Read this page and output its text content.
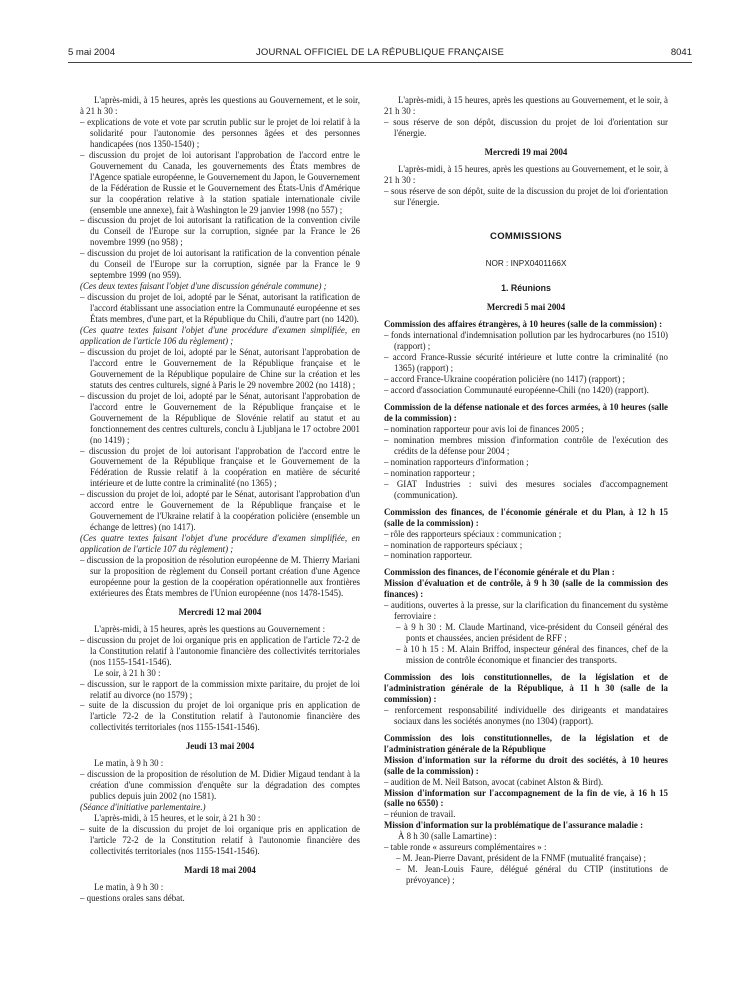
5 mai 2004	JOURNAL OFFICIEL DE LA RÉPUBLIQUE FRANÇAISE	8041
L'après-midi, à 15 heures, après les questions au Gouvernement, et le soir, à 21 h 30 :
– explications de vote et vote par scrutin public sur le projet de loi relatif à la solidarité pour l'autonomie des personnes âgées et des personnes handicapées (nos 1350-1540) ;
– discussion du projet de loi autorisant l'approbation de l'accord entre le Gouvernement du Canada, les gouvernements des États membres de l'Agence spatiale européenne, le Gouvernement du Japon, le Gouvernement de la Fédération de Russie et le Gouvernement des États-Unis d'Amérique sur la coopération relative à la station spatiale internationale civile (ensemble une annexe), fait à Washington le 29 janvier 1998 (no 557) ;
– discussion du projet de loi autorisant la ratification de la convention civile du Conseil de l'Europe sur la corruption, signée par la France le 26 novembre 1999 (no 958) ;
– discussion du projet de loi autorisant la ratification de la convention pénale du Conseil de l'Europe sur la corruption, signée par la France le 9 septembre 1999 (no 959).
(Ces deux textes faisant l'objet d'une discussion générale commune) ;
– discussion du projet de loi, adopté par le Sénat, autorisant la ratification de l'accord établissant une association entre la Communauté européenne et ses États membres, d'une part, et la République du Chili, d'autre part (no 1420).
(Ces quatre textes faisant l'objet d'une procédure d'examen simplifiée, en application de l'article 106 du règlement) ;
– discussion du projet de loi, adopté par le Sénat, autorisant l'approbation de l'accord entre le Gouvernement de la République française et le Gouvernement de la République populaire de Chine sur la création et les statuts des centres culturels, signé à Paris le 29 novembre 2002 (no 1418) ;
– discussion du projet de loi, adopté par le Sénat, autorisant l'approbation de l'accord entre le Gouvernement de la République française et le Gouvernement de la République de Slovénie relatif au statut et au fonctionnement des centres culturels, conclu à Ljubljana le 17 octobre 2001 (no 1419) ;
– discussion du projet de loi autorisant l'approbation de l'accord entre le Gouvernement de la République française et le Gouvernement de la Fédération de Russie relatif à la coopération en matière de sécurité intérieure et de lutte contre la criminalité (no 1365) ;
– discussion du projet de loi, adopté par le Sénat, autorisant l'approbation d'un accord entre le Gouvernement de la République française et le Gouvernement de l'Ukraine relatif à la coopération policière (ensemble un échange de lettres) (no 1417).
(Ces quatre textes faisant l'objet d'une procédure d'examen simplifiée, en application de l'article 107 du règlement) ;
– discussion de la proposition de résolution européenne de M. Thierry Mariani sur la proposition de règlement du Conseil portant création d'une Agence européenne pour la gestion de la coopération opérationnelle aux frontières extérieures des États membres de l'Union européenne (nos 1478-1545).
Mercredi 12 mai 2004
L'après-midi, à 15 heures, après les questions au Gouvernement :
– discussion du projet de loi organique pris en application de l'article 72-2 de la Constitution relatif à l'autonomie financière des collectivités territoriales (nos 1155-1541-1546).
Le soir, à 21 h 30 :
– discussion, sur le rapport de la commission mixte paritaire, du projet de loi relatif au divorce (no 1579) ;
– suite de la discussion du projet de loi organique pris en application de l'article 72-2 de la Constitution relatif à l'autonomie financière des collectivités territoriales (nos 1155-1541-1546).
Jeudi 13 mai 2004
Le matin, à 9 h 30 :
– discussion de la proposition de résolution de M. Didier Migaud tendant à la création d'une commission d'enquête sur la dégradation des comptes publics depuis juin 2002 (no 1581).
(Séance d'initiative parlementaire.)
L'après-midi, à 15 heures, et le soir, à 21 h 30 :
– suite de la discussion du projet de loi organique pris en application de l'article 72-2 de la Constitution relatif à l'autonomie financière des collectivités territoriales (nos 1155-1541-1546).
Mardi 18 mai 2004
Le matin, à 9 h 30 :
– questions orales sans débat.
L'après-midi, à 15 heures, après les questions au Gouvernement, et le soir, à 21 h 30 :
– sous réserve de son dépôt, discussion du projet de loi d'orientation sur l'énergie.
Mercredi 19 mai 2004
L'après-midi, à 15 heures, après les questions au Gouvernement, et le soir, à 21 h 30 :
– sous réserve de son dépôt, suite de la discussion du projet de loi d'orientation sur l'énergie.
COMMISSIONS
NOR : INPX0401166X
1. Réunions
Mercredi 5 mai 2004
Commission des affaires étrangères, à 10 heures (salle de la commission) :
– fonds international d'indemnisation pollution par les hydrocarbures (no 1510) (rapport) ;
– accord France-Russie sécurité intérieure et lutte contre la criminalité (no 1365) (rapport) ;
– accord France-Ukraine coopération policière (no 1417) (rapport) ;
– accord d'association Communauté européenne-Chili (no 1420) (rapport).
Commission de la défense nationale et des forces armées, à 10 heures (salle de la commission) :
– nomination rapporteur pour avis loi de finances 2005 ;
– nomination membres mission d'information contrôle de l'exécution des crédits de la défense pour 2004 ;
– nomination rapporteurs d'information ;
– nomination rapporteur ;
– GIAT Industries : suivi des mesures sociales d'accompagnement (communication).
Commission des finances, de l'économie générale et du Plan, à 12 h 15 (salle de la commission) :
– rôle des rapporteurs spéciaux : communication ;
– nomination de rapporteurs spéciaux ;
– nomination rapporteur.
Commission des finances, de l'économie générale et du Plan :
Mission d'évaluation et de contrôle, à 9 h 30 (salle de la commission des finances) :
– auditions, ouvertes à la presse, sur la clarification du financement du système ferroviaire :
– à 9 h 30 : M. Claude Martinand, vice-président du Conseil général des ponts et chaussées, ancien président de RFF ;
– à 10 h 15 : M. Alain Briffod, inspecteur général des finances, chef de la mission de contrôle économique et financier des transports.
Commission des lois constitutionnelles, de la législation et de l'administration générale de la République, à 11 h 30 (salle de la commission) :
– renforcement responsabilité individuelle des dirigeants et mandataires sociaux dans les sociétés anonymes (no 1304) (rapport).
Commission des lois constitutionnelles, de la législation et de l'administration générale de la République
Mission d'information sur la réforme du droit des sociétés, à 10 heures (salle de la commission) :
– audition de M. Neil Batson, avocat (cabinet Alston & Bird).
Mission d'information sur l'accompagnement de la fin de vie, à 16 h 15 (salle no 6550) :
– réunion de travail.
Mission d'information sur la problématique de l'assurance maladie :
À 8 h 30 (salle Lamartine) :
– table ronde « assureurs complémentaires » :
– M. Jean-Pierre Davant, président de la FNMF (mutualité française) ;
– M. Jean-Louis Faure, délégué général du CTIP (institutions de prévoyance) ;
